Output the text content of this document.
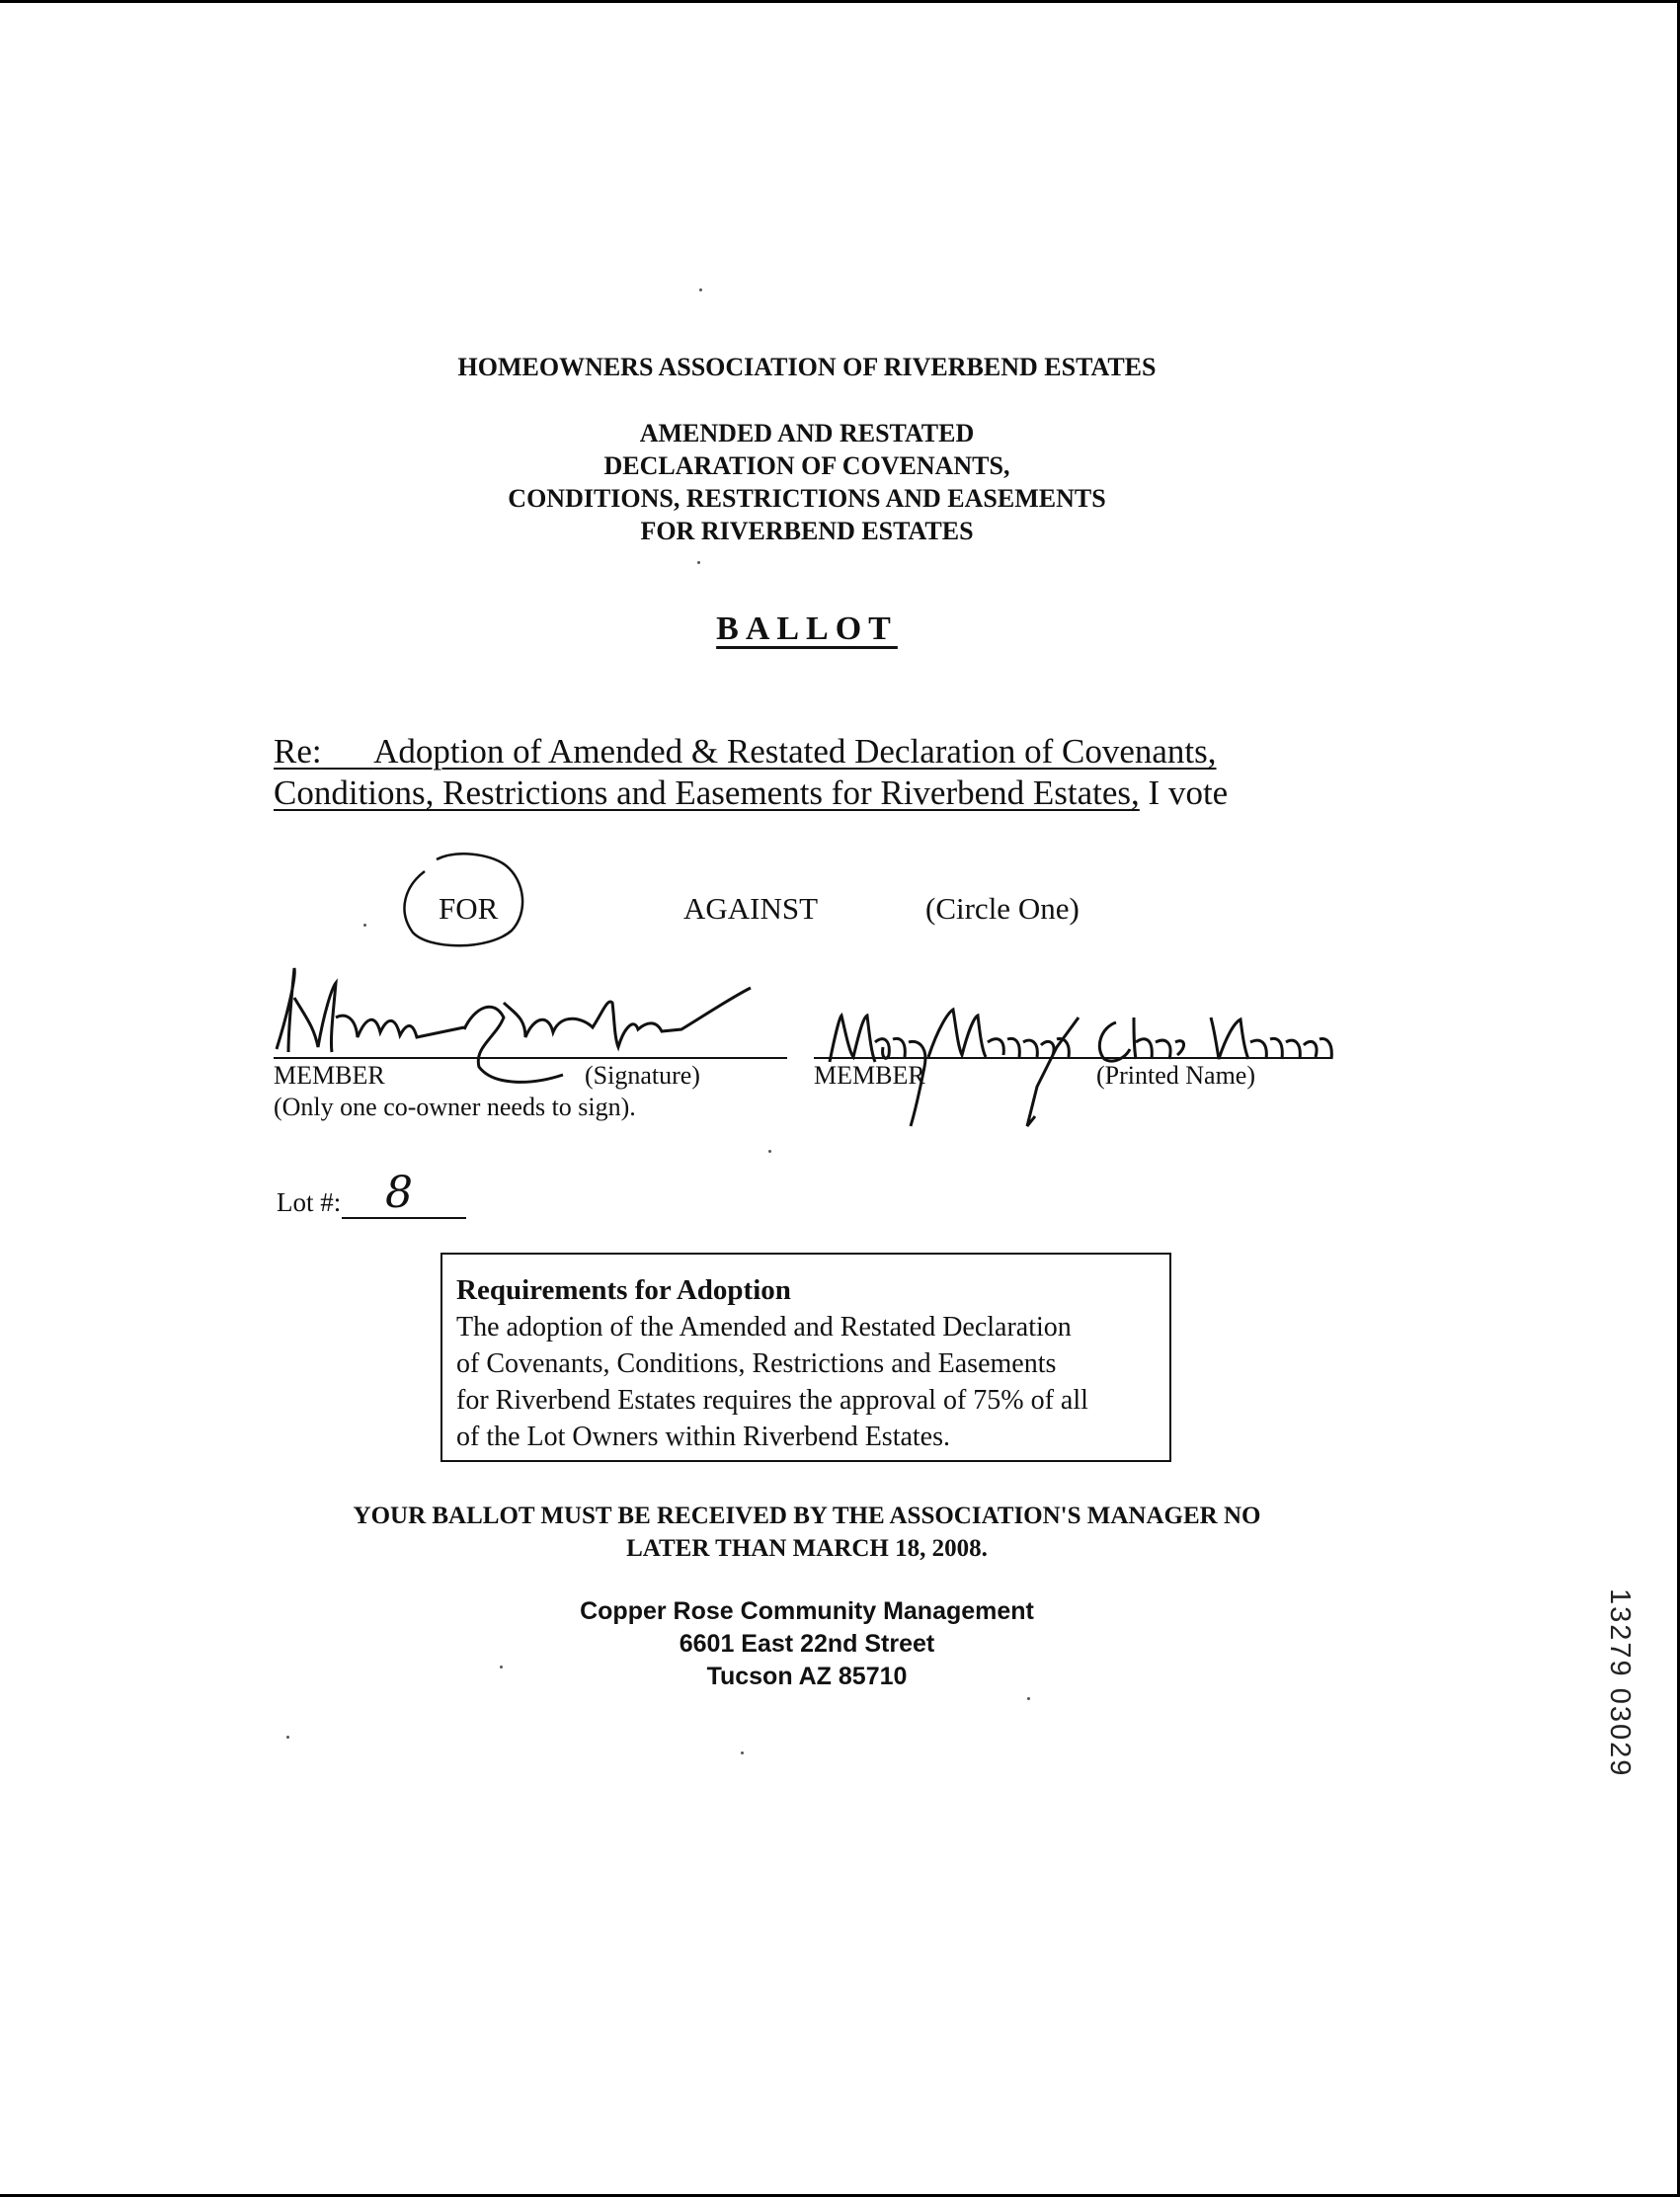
HOMEOWNERS ASSOCIATION OF RIVERBEND ESTATES
AMENDED AND RESTATED
DECLARATION OF COVENANTS,
CONDITIONS, RESTRICTIONS AND EASEMENTS
FOR RIVERBEND ESTATES
BALLOT
Re: Adoption of Amended & Restated Declaration of Covenants,
Conditions, Restrictions and Easements for Riverbend Estates, I vote
FOR	AGAINST	(Circle One)
MEMBER	(Signature)
(Only one co-owner needs to sign).
MEMBER	(Printed Name)
Lot #: 8
Requirements for Adoption
The adoption of the Amended and Restated Declaration
of Covenants, Conditions, Restrictions and Easements
for Riverbend Estates requires the approval of 75% of all
of the Lot Owners within Riverbend Estates.
YOUR BALLOT MUST BE RECEIVED BY THE ASSOCIATION'S MANAGER NO
LATER THAN MARCH 18, 2008.
Copper Rose Community Management
6601 East 22nd Street
Tucson AZ 85710	13279 03029
